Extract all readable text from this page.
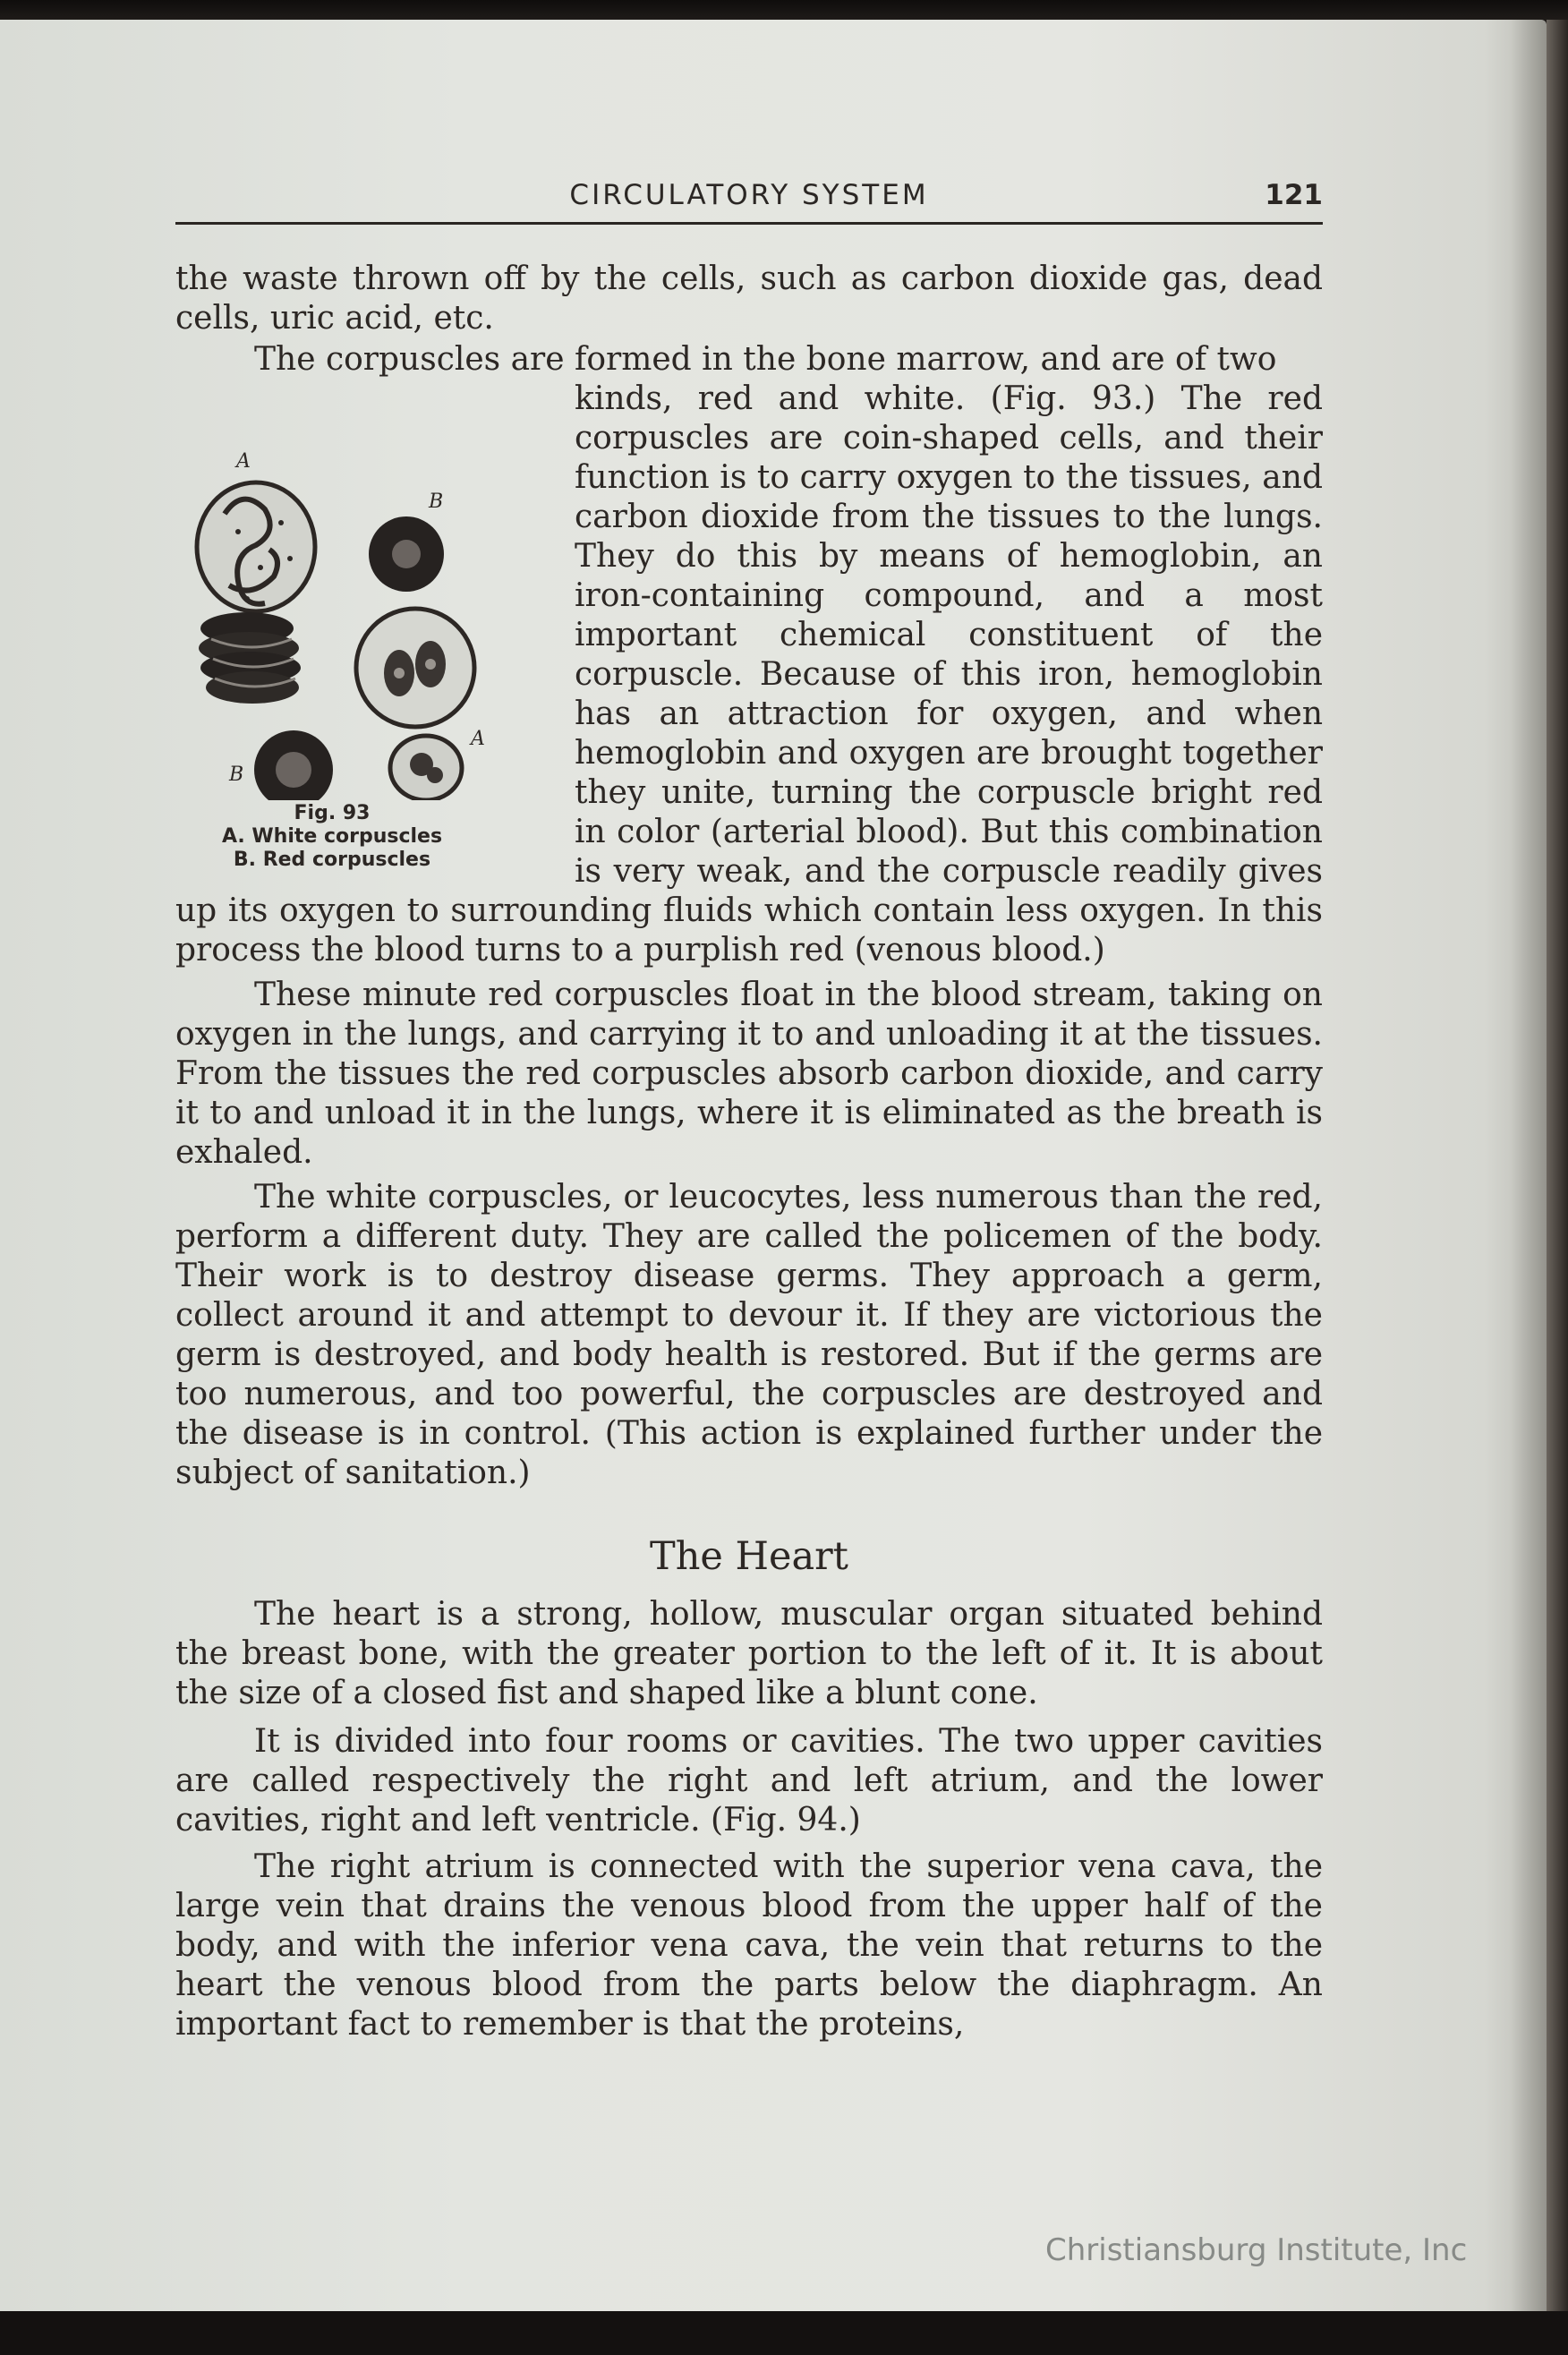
CIRCULATORY SYSTEM	121
the waste thrown off by the cells, such as carbon dioxide gas, dead cells, uric acid, etc.
The corpuscles are formed in the bone marrow, and are of two
A
B
A
B
Fig. 93
A. White corpuscles
B. Red corpuscles
kinds, red and white. (Fig. 93.) The red corpuscles are coin-shaped cells, and their function is to carry oxygen to the tissues, and carbon dioxide from the tissues to the lungs. They do this by means of hemoglobin, an iron-containing compound, and a most important chemical constituent of the corpuscle. Because of this iron, hemoglobin has an attraction for oxygen, and when hemoglobin and oxygen are brought together they unite, turning the corpuscle bright red in color (arterial blood). But this combination is very weak, and the corpuscle readily gives up its oxygen to surrounding fluids which contain less oxygen. In this process the blood turns to a purplish red (venous blood.)
These minute red corpuscles float in the blood stream, taking on oxygen in the lungs, and carrying it to and unloading it at the tissues. From the tissues the red corpuscles absorb carbon dioxide, and carry it to and unload it in the lungs, where it is eliminated as the breath is exhaled.
The white corpuscles, or leucocytes, less numerous than the red, perform a different duty. They are called the policemen of the body. Their work is to destroy disease germs. They approach a germ, collect around it and attempt to devour it. If they are victorious the germ is destroyed, and body health is restored. But if the germs are too numerous, and too powerful, the corpuscles are destroyed and the disease is in control. (This action is explained further under the subject of sanitation.)
The Heart
The heart is a strong, hollow, muscular organ situated behind the breast bone, with the greater portion to the left of it. It is about the size of a closed fist and shaped like a blunt cone.
It is divided into four rooms or cavities. The two upper cavities are called respectively the right and left atrium, and the lower cavities, right and left ventricle. (Fig. 94.)
The right atrium is connected with the superior vena cava, the large vein that drains the venous blood from the upper half of the body, and with the inferior vena cava, the vein that returns to the heart the venous blood from the parts below the diaphragm. An important fact to remember is that the proteins,
Christiansburg Institute, Inc
